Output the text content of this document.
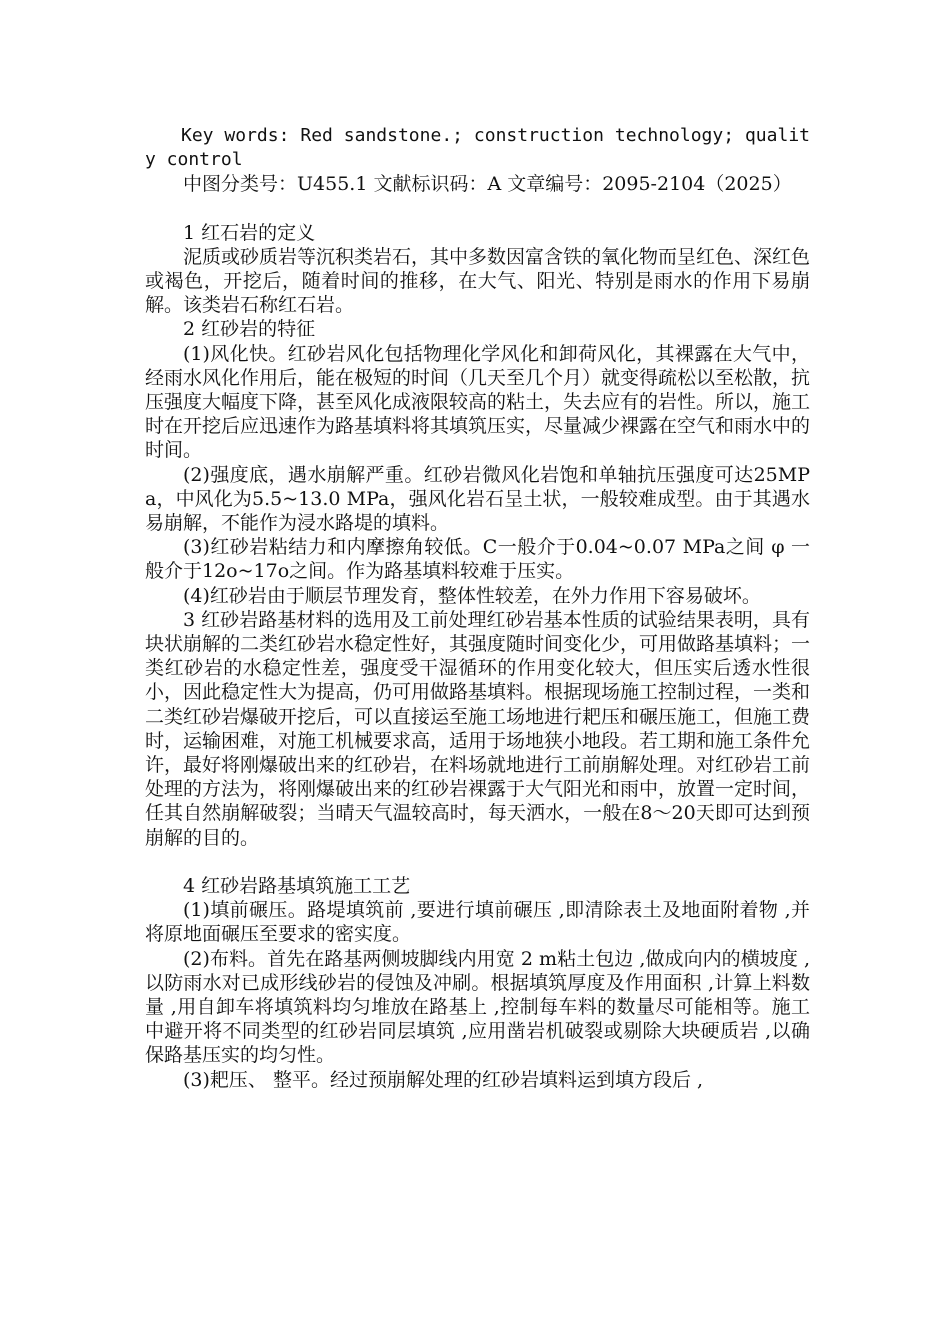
Key words: Red sandstone.; construction technology; quality control

中图分类号：U455.1 文献标识码：A 文章编号：2095-2104（2025）

1 红石岩的定义

泥质或砂质岩等沉积类岩石，其中多数因富含铁的氧化物而呈红色、深红色或褐色，开挖后，随着时间的推移，在大气、阳光、特别是雨水的作用下易崩解。该类岩石称红石岩。

2 红砂岩的特征

(1)风化快。红砂岩风化包括物理化学风化和卸荷风化，其裸露在大气中，经雨水风化作用后，能在极短的时间（几天至几个月）就变得疏松以至松散，抗压强度大幅度下降，甚至风化成液限较高的粘土，失去应有的岩性。所以，施工时在开挖后应迅速作为路基填料将其填筑压实，尽量减少裸露在空气和雨水中的时间。

(2)强度底，遇水崩解严重。红砂岩微风化岩饱和单轴抗压强度可达25MPa，中风化为5.5~13.0 MPa，强风化岩石呈土状，一般较难成型。由于其遇水易崩解，不能作为浸水路堤的填料。

(3)红砂岩粘结力和内摩擦角较低。C一般介于0.04~0.07 MPa之间 φ 一般介于12o~17o之间。作为路基填料较难于压实。

(4)红砂岩由于顺层节理发育，整体性较差，在外力作用下容易破坏。

3 红砂岩路基材料的选用及工前处理红砂岩基本性质的试验结果表明，具有块状崩解的二类红砂岩水稳定性好，其强度随时间变化少，可用做路基填料；一类红砂岩的水稳定性差，强度受干湿循环的作用变化较大，但压实后透水性很小，因此稳定性大为提高，仍可用做路基填料。根据现场施工控制过程，一类和二类红砂岩爆破开挖后，可以直接运至施工场地进行耙压和碾压施工，但施工费时，运输困难，对施工机械要求高，适用于场地狭小地段。若工期和施工条件允许，最好将刚爆破出来的红砂岩，在料场就地进行工前崩解处理。对红砂岩工前处理的方法为，将刚爆破出来的红砂岩裸露于大气阳光和雨中，放置一定时间，任其自然崩解破裂；当晴天气温较高时，每天洒水，一般在8～20天即可达到预崩解的目的。

4 红砂岩路基填筑施工工艺

(1)填前碾压。路堤填筑前 ,要进行填前碾压 ,即清除表土及地面附着物 ,并将原地面碾压至要求的密实度。

(2)布料。首先在路基两侧坡脚线内用宽 2 m粘土包边 ,做成向内的横坡度 ,以防雨水对已成形线砂岩的侵蚀及冲刷。根据填筑厚度及作用面积 ,计算上料数量 ,用自卸车将填筑料均匀堆放在路基上 ,控制每车料的数量尽可能相等。施工中避开将不同类型的红砂岩同层填筑 ,应用凿岩机破裂或剔除大块硬质岩 ,以确保路基压实的均匀性。

(3)耙压、 整平。经过预崩解处理的红砂岩填料运到填方段后 ,
